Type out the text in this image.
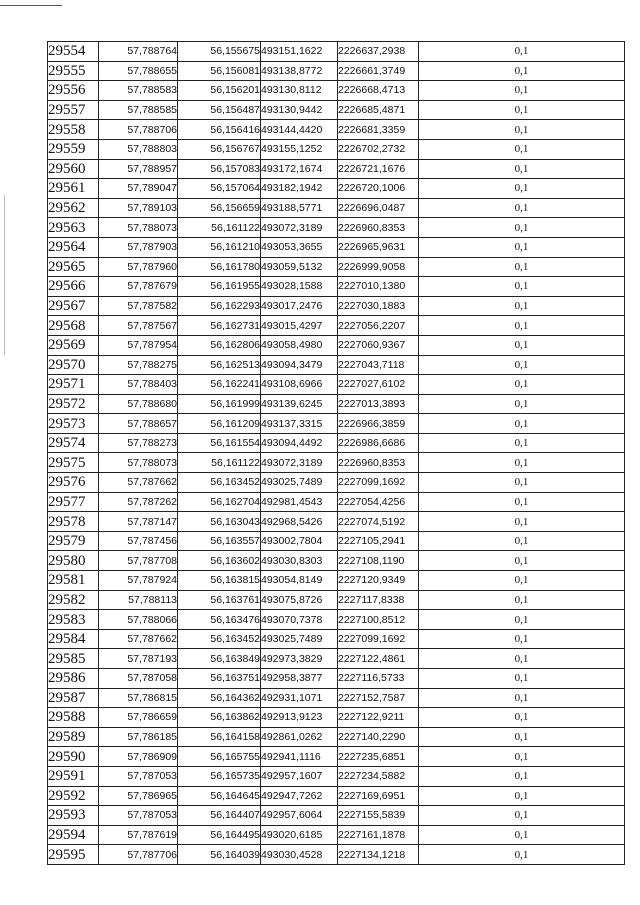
29554	57,788764	56,155675	493151,1622	2226637,2938	0,1
29555	57,788655	56,156081	493138,8772	2226661,3749	0,1
29556	57,788583	56,156201	493130,8112	2226668,4713	0,1
29557	57,788585	56,156487	493130,9442	2226685,4871	0,1
29558	57,788706	56,156416	493144,4420	2226681,3359	0,1
29559	57,788803	56,156767	493155,1252	2226702,2732	0,1
29560	57,788957	56,157083	493172,1674	2226721,1676	0,1
29561	57,789047	56,157064	493182,1942	2226720,1006	0,1
29562	57,789103	56,156659	493188,5771	2226696,0487	0,1
29563	57,788073	56,161122	493072,3189	2226960,8353	0,1
29564	57,787903	56,161210	493053,3655	2226965,9631	0,1
29565	57,787960	56,161780	493059,5132	2226999,9058	0,1
29566	57,787679	56,161955	493028,1588	2227010,1380	0,1
29567	57,787582	56,162293	493017,2476	2227030,1883	0,1
29568	57,787567	56,162731	493015,4297	2227056,2207	0,1
29569	57,787954	56,162806	493058,4980	2227060,9367	0,1
29570	57,788275	56,162513	493094,3479	2227043,7118	0,1
29571	57,788403	56,162241	493108,6966	2227027,6102	0,1
29572	57,788680	56,161999	493139,6245	2227013,3893	0,1
29573	57,788657	56,161209	493137,3315	2226966,3859	0,1
29574	57,788273	56,161554	493094,4492	2226986,6686	0,1
29575	57,788073	56,161122	493072,3189	2226960,8353	0,1
29576	57,787662	56,163452	493025,7489	2227099,1692	0,1
29577	57,787262	56,162704	492981,4543	2227054,4256	0,1
29578	57,787147	56,163043	492968,5426	2227074,5192	0,1
29579	57,787456	56,163557	493002,7804	2227105,2941	0,1
29580	57,787708	56,163602	493030,8303	2227108,1190	0,1
29581	57,787924	56,163815	493054,8149	2227120,9349	0,1
29582	57,788113	56,163761	493075,8726	2227117,8338	0,1
29583	57,788066	56,163476	493070,7378	2227100,8512	0,1
29584	57,787662	56,163452	493025,7489	2227099,1692	0,1
29585	57,787193	56,163849	492973,3829	2227122,4861	0,1
29586	57,787058	56,163751	492958,3877	2227116,5733	0,1
29587	57,786815	56,164362	492931,1071	2227152,7587	0,1
29588	57,786659	56,163862	492913,9123	2227122,9211	0,1
29589	57,786185	56,164158	492861,0262	2227140,2290	0,1
29590	57,786909	56,165755	492941,1116	2227235,6851	0,1
29591	57,787053	56,165735	492957,1607	2227234,5882	0,1
29592	57,786965	56,164645	492947,7262	2227169,6951	0,1
29593	57,787053	56,164407	492957,6064	2227155,5839	0,1
29594	57,787619	56,164495	493020,6185	2227161,1878	0,1
29595	57,787706	56,164039	493030,4528	2227134,1218	0,1
